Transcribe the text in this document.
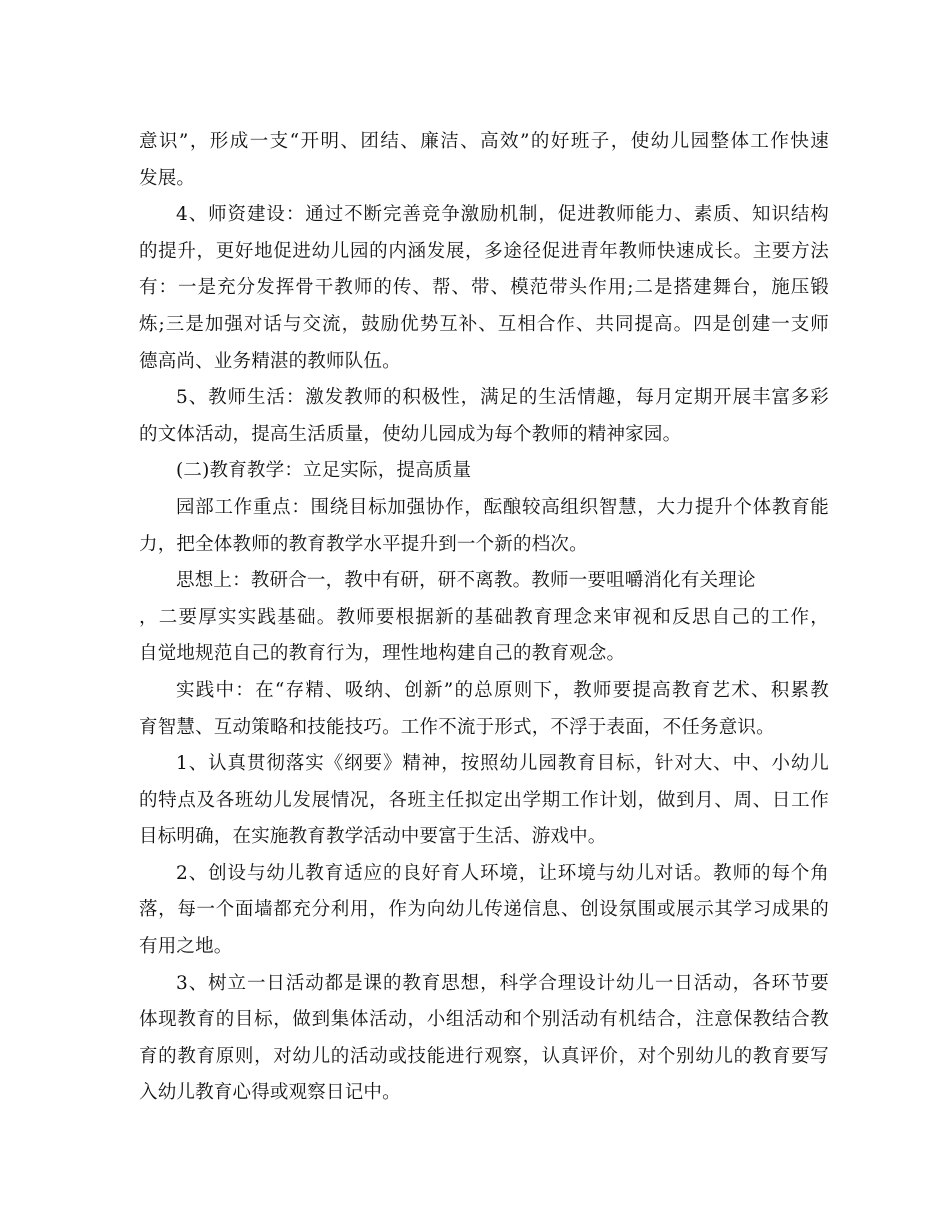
意识”，形成一支“开明、团结、廉洁、高效”的好班子，使幼儿园整体工作快速
发展。
4、师资建设：通过不断完善竞争激励机制，促进教师能力、素质、知识结构
的提升，更好地促进幼儿园的内涵发展，多途径促进青年教师快速成长。主要方法
有：一是充分发挥骨干教师的传、帮、带、模范带头作用;二是搭建舞台，施压锻
炼;三是加强对话与交流，鼓励优势互补、互相合作、共同提高。四是创建一支师
德高尚、业务精湛的教师队伍。
5、教师生活：激发教师的积极性，满足的生活情趣，每月定期开展丰富多彩
的文体活动，提高生活质量，使幼儿园成为每个教师的精神家园。
(二)教育教学：立足实际，提高质量
园部工作重点：围绕目标加强协作，酝酿较高组织智慧，大力提升个体教育能
力，把全体教师的教育教学水平提升到一个新的档次。
思想上：教研合一，教中有研，研不离教。教师一要咀嚼消化有关理论
，二要厚实实践基础。教师要根据新的基础教育理念来审视和反思自己的工作，
自觉地规范自己的教育行为，理性地构建自己的教育观念。
实践中：在“存精、吸纳、创新”的总原则下，教师要提高教育艺术、积累教
育智慧、互动策略和技能技巧。工作不流于形式，不浮于表面，不任务意识。
1、认真贯彻落实《纲要》精神，按照幼儿园教育目标，针对大、中、小幼儿
的特点及各班幼儿发展情况，各班主任拟定出学期工作计划，做到月、周、日工作
目标明确，在实施教育教学活动中要富于生活、游戏中。
2、创设与幼儿教育适应的良好育人环境，让环境与幼儿对话。教师的每个角
落，每一个面墙都充分利用，作为向幼儿传递信息、创设氛围或展示其学习成果的
有用之地。
3、树立一日活动都是课的教育思想，科学合理设计幼儿一日活动，各环节要
体现教育的目标，做到集体活动，小组活动和个别活动有机结合，注意保教结合教
育的教育原则，对幼儿的活动或技能进行观察，认真评价，对个别幼儿的教育要写
入幼儿教育心得或观察日记中。
